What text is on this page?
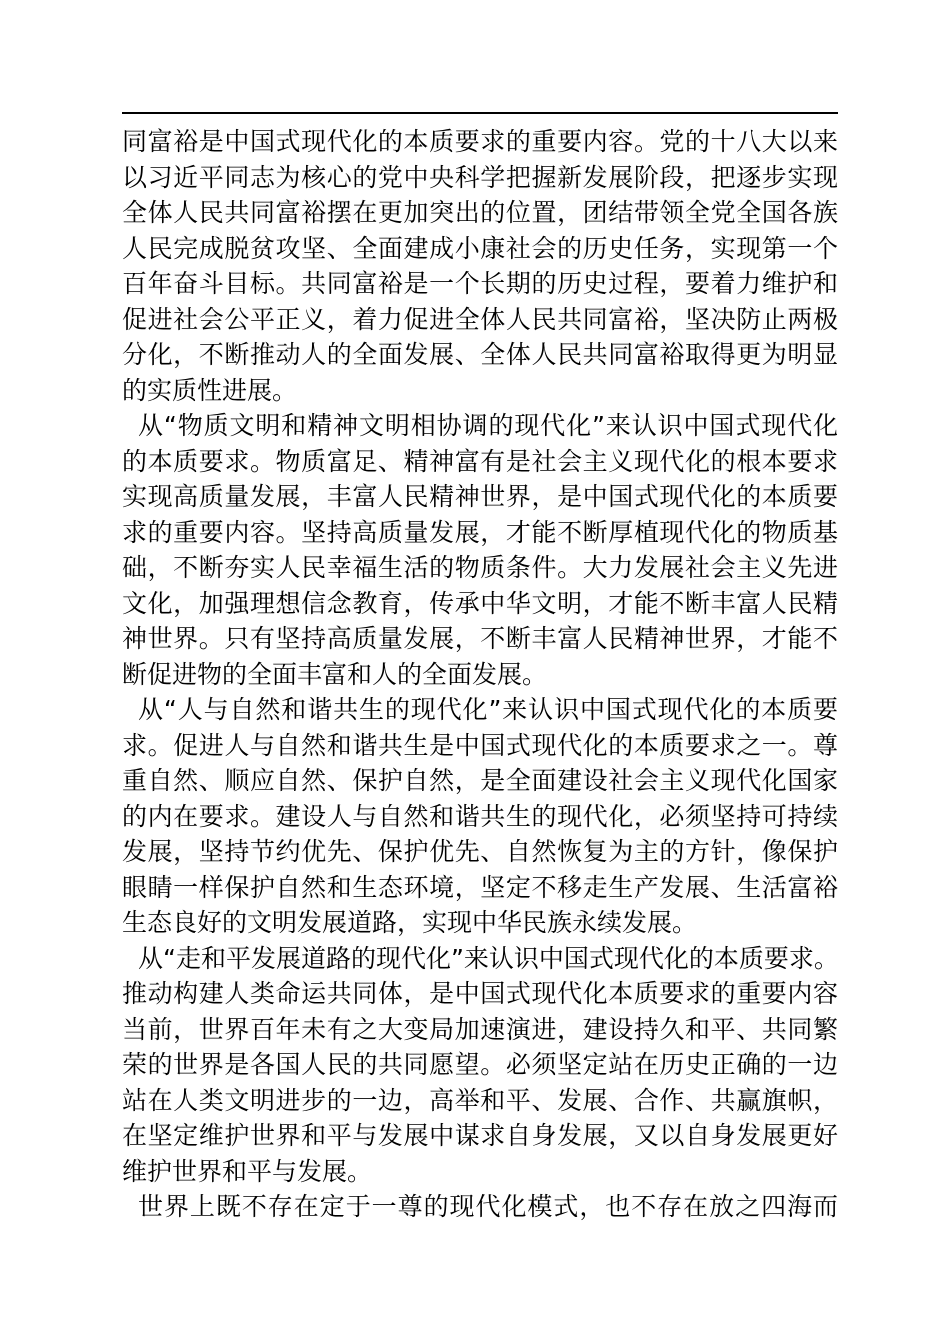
同富裕是中国式现代化的本质要求的重要内容。党的十八大以来
以习近平同志为核心的党中央科学把握新发展阶段，把逐步实现
全体人民共同富裕摆在更加突出的位置，团结带领全党全国各族
人民完成脱贫攻坚、全面建成小康社会的历史任务，实现第一个
百年奋斗目标。共同富裕是一个长期的历史过程，要着力维护和
促进社会公平正义，着力促进全体人民共同富裕，坚决防止两极
分化，不断推动人的全面发展、全体人民共同富裕取得更为明显
的实质性进展。

从“物质文明和精神文明相协调的现代化”来认识中国式现代化
的本质要求。物质富足、精神富有是社会主义现代化的根本要求
实现高质量发展，丰富人民精神世界，是中国式现代化的本质要
求的重要内容。坚持高质量发展，才能不断厚植现代化的物质基
础，不断夯实人民幸福生活的物质条件。大力发展社会主义先进
文化，加强理想信念教育，传承中华文明，才能不断丰富人民精
神世界。只有坚持高质量发展，不断丰富人民精神世界，才能不
断促进物的全面丰富和人的全面发展。

从“人与自然和谐共生的现代化”来认识中国式现代化的本质要
求。促进人与自然和谐共生是中国式现代化的本质要求之一。尊
重自然、顺应自然、保护自然，是全面建设社会主义现代化国家
的内在要求。建设人与自然和谐共生的现代化，必须坚持可持续
发展，坚持节约优先、保护优先、自然恢复为主的方针，像保护
眼睛一样保护自然和生态环境，坚定不移走生产发展、生活富裕
生态良好的文明发展道路，实现中华民族永续发展。

从“走和平发展道路的现代化”来认识中国式现代化的本质要求。
推动构建人类命运共同体，是中国式现代化本质要求的重要内容
当前，世界百年未有之大变局加速演进，建设持久和平、共同繁
荣的世界是各国人民的共同愿望。必须坚定站在历史正确的一边
站在人类文明进步的一边，高举和平、发展、合作、共赢旗帜，
在坚定维护世界和平与发展中谋求自身发展，又以自身发展更好
维护世界和平与发展。

世界上既不存在定于一尊的现代化模式，也不存在放之四海而
